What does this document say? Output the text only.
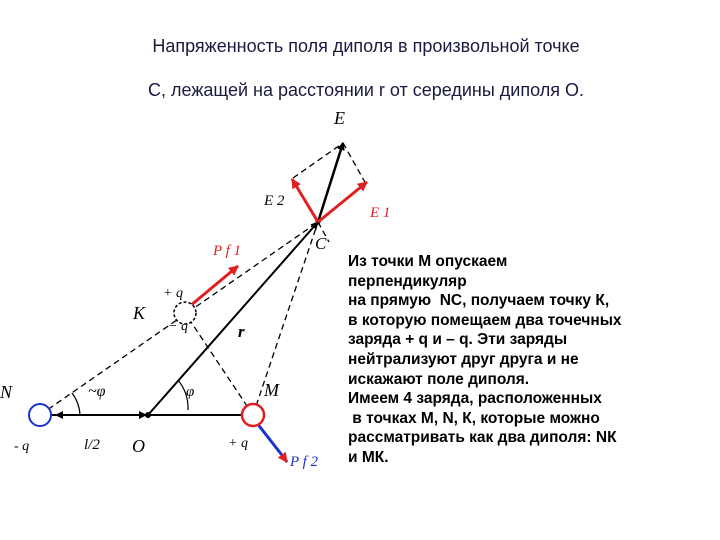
Напряженность поля диполя в произвольной точке
С, лежащей на расстоянии r от середины диполя О.
E
E 2
E 1
C
P f 1
K
+ q
− q	r
N
- q
~φ	φ
l/2 O
M
+ q
P f 2
Из точки М опускаем
перпендикуляр
на прямую  NC, получаем точку К,
в которую помещаем два точечных
заряда + q и – q. Эти заряды
нейтрализуют друг друга и не
искажают поле диполя.
Имеем 4 заряда, расположенных
в точках М, N, К, которые можно
рассматривать как два диполя: NК
и МК.
